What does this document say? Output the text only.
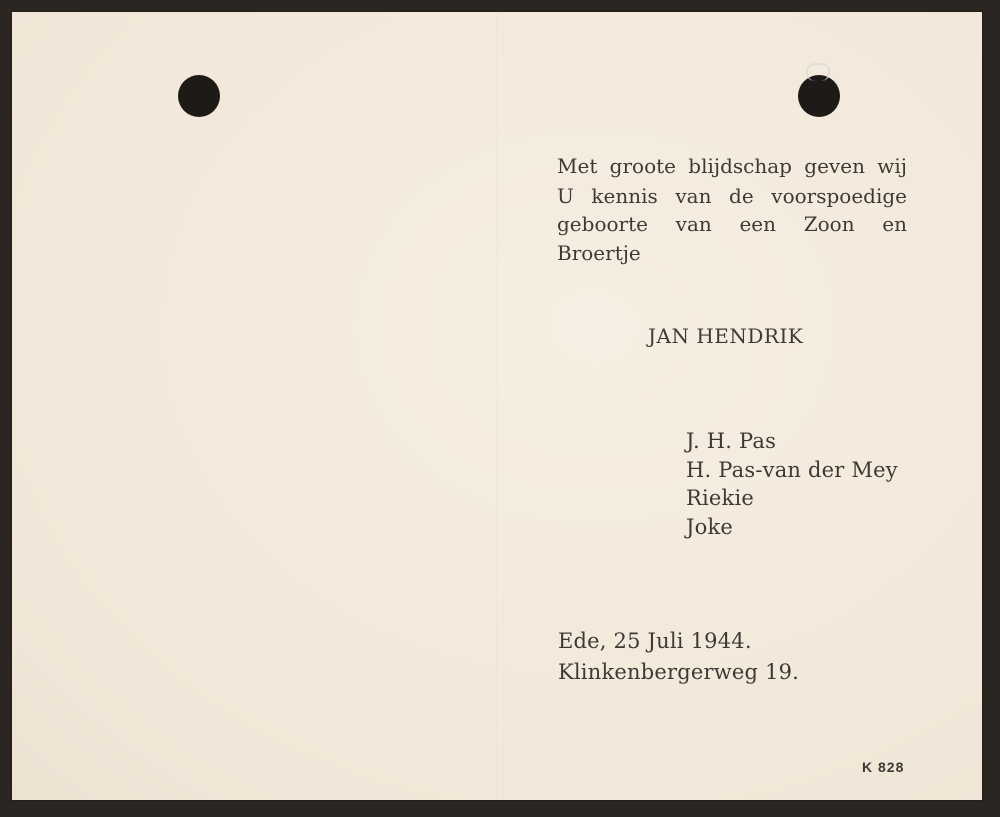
Met groote blijdschap geven wij
U kennis van de voorspoedige
geboorte van een Zoon en
Broertje
JAN HENDRIK
J. H. Pas
H. Pas-van der Mey
Riekie
Joke
Ede, 25 Juli 1944.
Klinkenbergerweg 19.
K 828
